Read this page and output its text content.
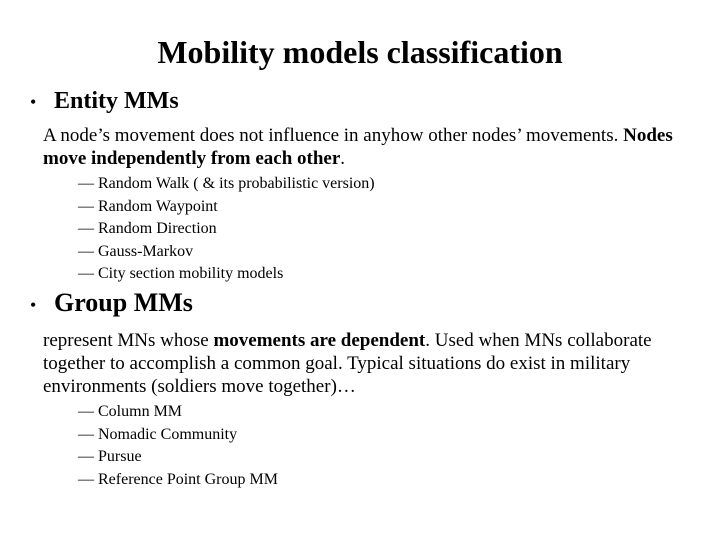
Mobility models classification
• Entity MMs

A node’s movement does not influence in anyhow other nodes’ movements. Nodes move independently from each other.

— Random Walk ( & its probabilistic version)
— Random Waypoint
— Random Direction
— Gauss-Markov
— City section mobility models
• Group MMs

represent MNs whose movements are dependent. Used when MNs collaborate together to accomplish a common goal. Typical situations do exist in military environments (soldiers move together)…

— Column MM
— Nomadic Community
— Pursue
— Reference Point Group MM
